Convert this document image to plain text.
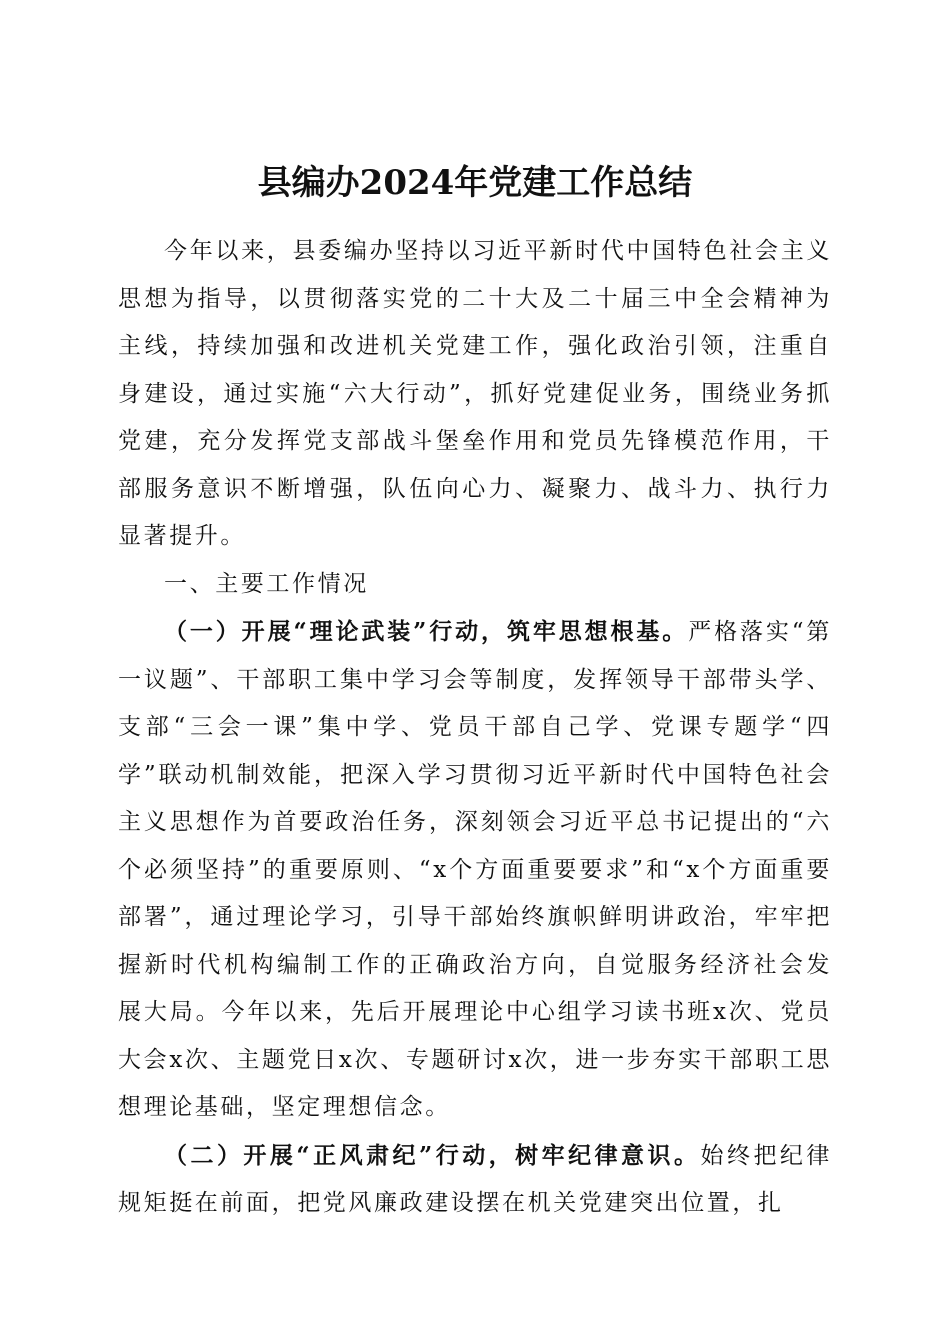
县编办2024年党建工作总结

今年以来，县委编办坚持以习近平新时代中国特色社会主义思想为指导，以贯彻落实党的二十大及二十届三中全会精神为主线，持续加强和改进机关党建工作，强化政治引领，注重自身建设，通过实施“六大行动”，抓好党建促业务，围绕业务抓党建，充分发挥党支部战斗堡垒作用和党员先锋模范作用，干部服务意识不断增强，队伍向心力、凝聚力、战斗力、执行力显著提升。

一、主要工作情况

（一）开展“理论武装”行动，筑牢思想根基。严格落实“第一议题”、干部职工集中学习会等制度，发挥领导干部带头学、支部“三会一课”集中学、党员干部自己学、党课专题学“四学”联动机制效能，把深入学习贯彻习近平新时代中国特色社会主义思想作为首要政治任务，深刻领会习近平总书记提出的“六个必须坚持”的重要原则、“x个方面重要要求”和“x个方面重要部署”，通过理论学习，引导干部始终旗帜鲜明讲政治，牢牢把握新时代机构编制工作的正确政治方向，自觉服务经济社会发展大局。今年以来，先后开展理论中心组学习读书班x次、党员大会x次、主题党日x次、专题研讨x次，进一步夯实干部职工思想理论基础，坚定理想信念。

（二）开展“正风肃纪”行动，树牢纪律意识。始终把纪律规矩挺在前面，把党风廉政建设摆在机关党建突出位置，扎
